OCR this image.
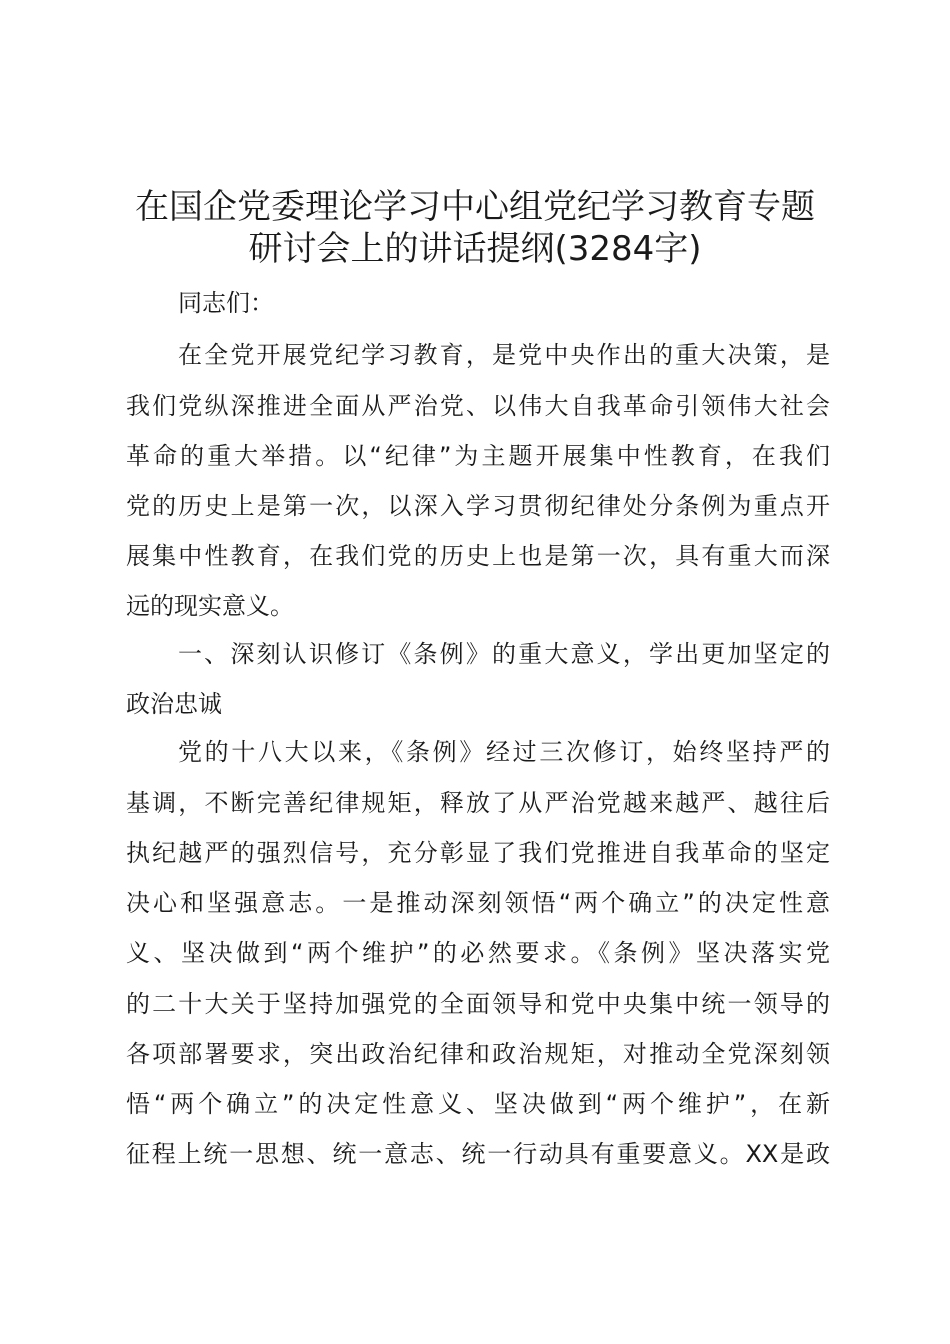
在国企党委理论学习中心组党纪学习教育专题
研讨会上的讲话提纲(3284字)
同志们：
在全党开展党纪学习教育，是党中央作出的重大决策，是
我们党纵深推进全面从严治党、以伟大自我革命引领伟大社会
革命的重大举措。以“纪律”为主题开展集中性教育，在我们
党的历史上是第一次，以深入学习贯彻纪律处分条例为重点开
展集中性教育，在我们党的历史上也是第一次，具有重大而深
远的现实意义。
一、深刻认识修订《条例》的重大意义，学出更加坚定的
政治忠诚
党的十八大以来，《条例》经过三次修订，始终坚持严的
基调，不断完善纪律规矩，释放了从严治党越来越严、越往后
执纪越严的强烈信号，充分彰显了我们党推进自我革命的坚定
决心和坚强意志。一是推动深刻领悟“两个确立”的决定性意
义、坚决做到“两个维护”的必然要求。《条例》坚决落实党
的二十大关于坚持加强党的全面领导和党中央集中统一领导的
各项部署要求，突出政治纪律和政治规矩，对推动全党深刻领
悟“两个确立”的决定性意义、坚决做到“两个维护”，在新
征程上统一思想、统一意志、统一行动具有重要意义。XX是政
